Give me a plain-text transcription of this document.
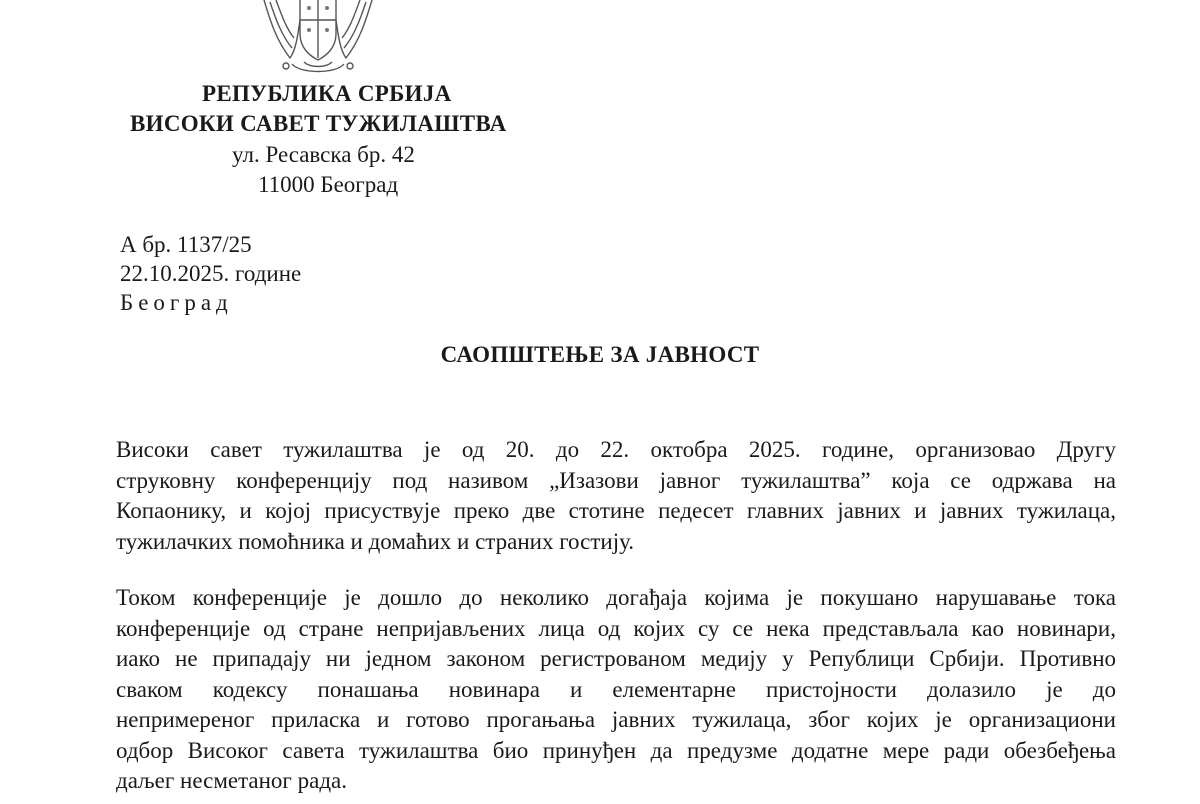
РЕПУБЛИКА СРБИЈА
ВИСОКИ САВЕТ ТУЖИЛАШТВА
ул. Ресавска бр. 42
11000 Београд
А бр. 1137/25
22.10.2025. године
Београд
САОПШТЕЊЕ ЗА ЈАВНОСТ
Високи савет тужилаштва је од 20. до 22. октобра 2025. године, организовао Другу
струковну конференцију под називом „Изазови јавног тужилаштва” која се одржава на
Копаонику, и којој присуствује преко две стотине педесет главних јавних и јавних тужилаца,
тужилачких помоћника и домаћих и страних гостију.
Током конференције је дошло до неколико догађаја којима је покушано нарушавање тока
конференције од стране непријављених лица од којих су се нека представљала као новинари,
иако не припадају ни једном законом регистрованом медију у Републици Србији. Противно
сваком кодексу понашања новинара и елементарне пристојности долазило је до
непримереног приласка и готово прогањања јавних тужилаца, због којих је организациони
одбор Високог савета тужилаштва био принуђен да предузме додатне мере ради обезбеђења
даљег несметаног рада.
